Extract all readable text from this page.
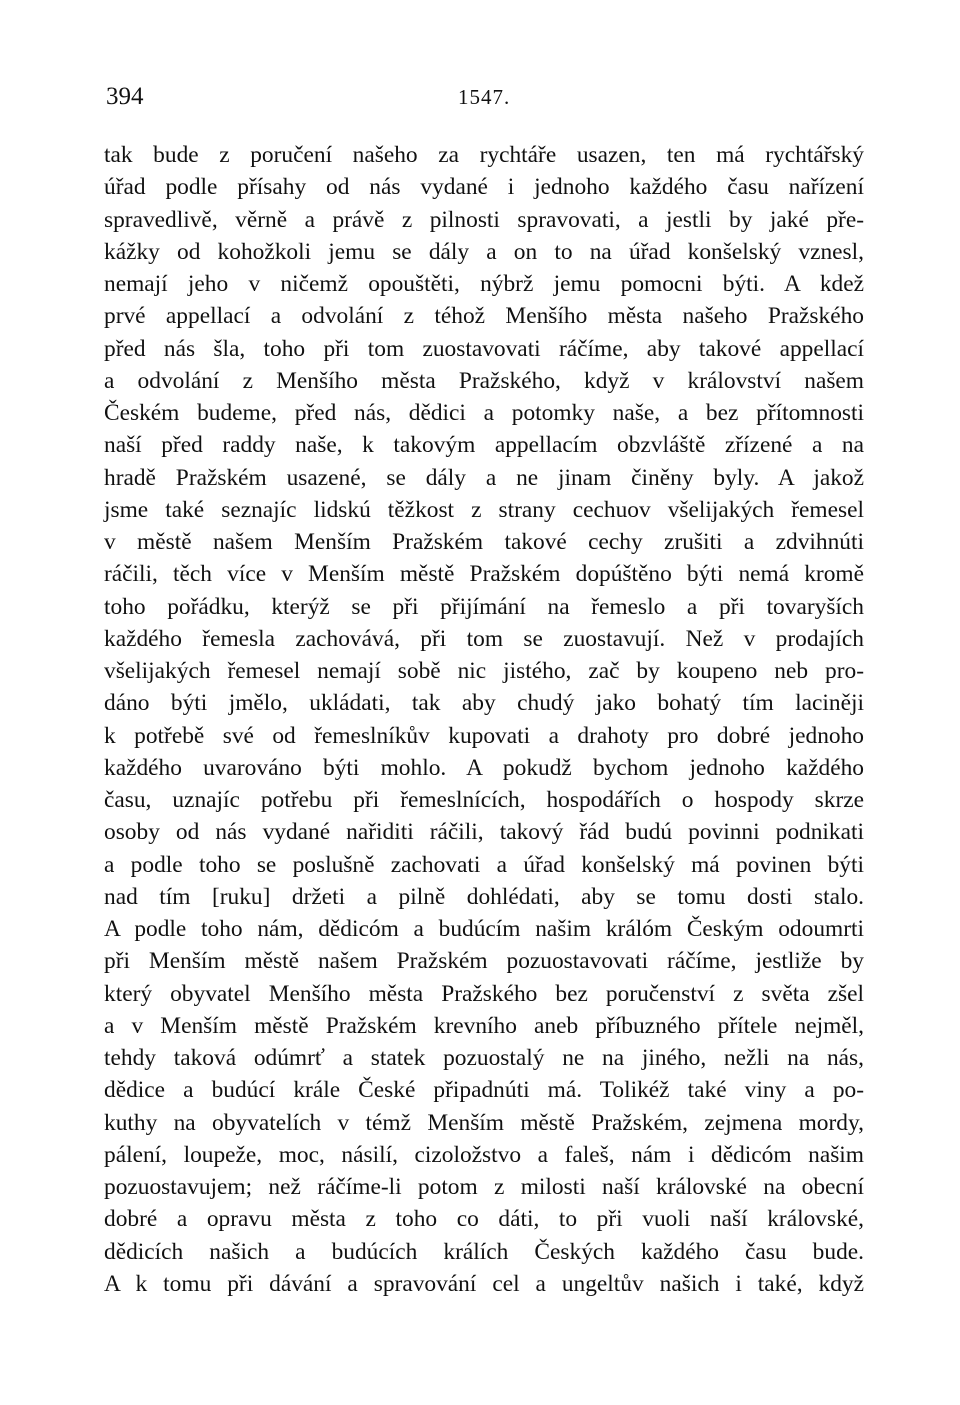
394	1547.
tak bude z poručení našeho za rychtáře usazen, ten má rychtářský
úřad podle přísahy od nás vydané i jednoho každého času nařízení
spravedlivě, věrně a právě z pilnosti spravovati, a jestli by jaké pře-
kážky od kohožkoli jemu se dály a on to na úřad konšelský vznesl,
nemají jeho v ničemž opouštěti, nýbrž jemu pomocni býti. A kdež
prvé appellací a odvolání z téhož Menšího města našeho Pražského
před nás šla, toho při tom zuostavovati ráčíme, aby takové appellací
a odvolání z Menšího města Pražského, když v království našem
Českém budeme, před nás, dědici a potomky naše, a bez přítomnosti
naší před raddy naše, k takovým appellacím obzvláště zřízené a na
hradě Pražském usazené, se dály a ne jinam činěny byly. A jakož
jsme také seznajíc lidskú těžkost z strany cechuov všelijakých řemesel
v městě našem Menším Pražském takové cechy zrušiti a zdvihnúti
ráčili, těch více v Menším městě Pražském dopúštěno býti nemá kromě
toho pořádku, kterýž se při přijímání na řemeslo a při tovaryších
každého řemesla zachovává, při tom se zuostavují. Než v prodajích
všelijakých řemesel nemají sobě nic jistého, zač by koupeno neb pro-
dáno býti jmělo, ukládati, tak aby chudý jako bohatý tím laciněji
k potřebě své od řemeslníkův kupovati a drahoty pro dobré jednoho
každého uvarováno býti mohlo. A pokudž bychom jednoho každého
času, uznajíc potřebu při řemeslnících, hospodářích o hospody skrze
osoby od nás vydané nařiditi ráčili, takový řád budú povinni podnikati
a podle toho se poslušně zachovati a úřad konšelský má povinen býti
nad tím [ruku] držeti a pilně dohlédati, aby se tomu dosti stalo.
A podle toho nám, dědicóm a budúcím našim králóm Českým odoumrti
při Menším městě našem Pražském pozuostavovati ráčíme, jestliže by
který obyvatel Menšího města Pražského bez poručenství z světa zšel
a v Menším městě Pražském krevního aneb příbuzného přítele nejměl,
tehdy taková odúmrť a statek pozuostalý ne na jiného, nežli na nás,
dědice a budúcí krále České připadnúti má. Tolikéž také viny a po-
kuthy na obyvatelích v témž Menším městě Pražském, zejmena mordy,
pálení, loupeže, moc, násilí, cizoložstvo a faleš, nám i dědicóm našim
pozuostavujem; než ráčíme-li potom z milosti naší královské na obecní
dobré a opravu města z toho co dáti, to při vuoli naší královské,
dědicích našich a budúcích králích Českých každého času bude.
A k tomu při dávání a spravování cel a ungeltův našich i také, když
